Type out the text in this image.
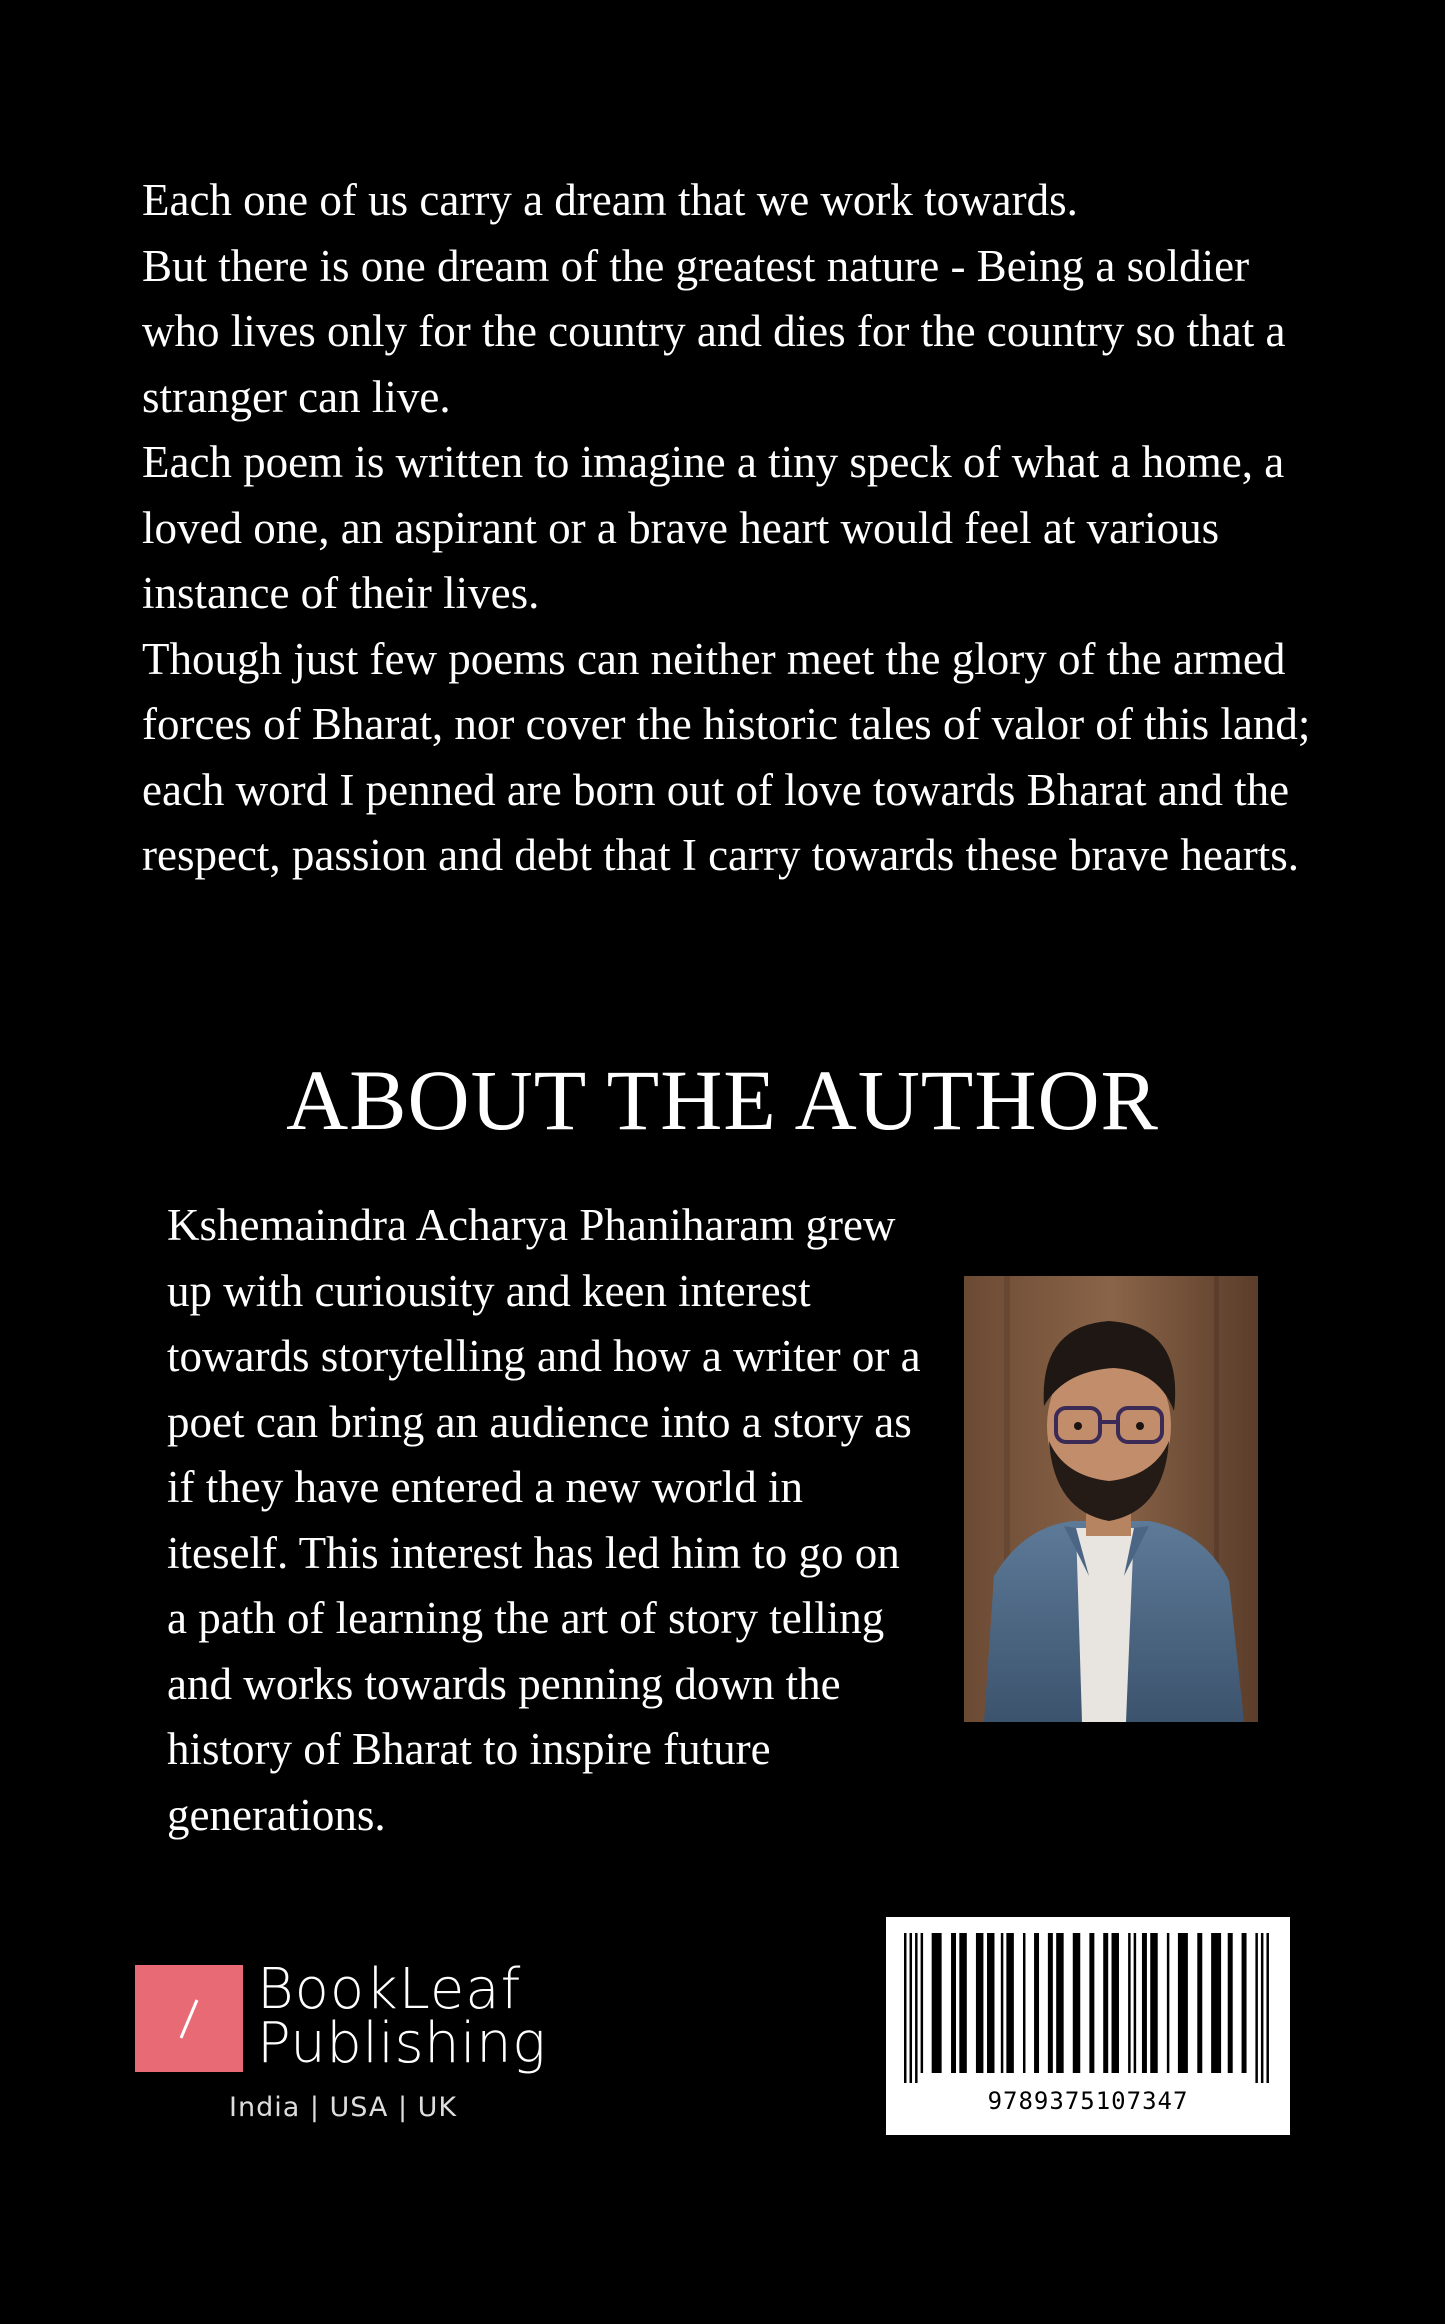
Each one of us carry a dream that we work towards.

But there is one dream of the greatest nature - Being a soldier who lives only for the country and dies for the country so that a stranger can live.

Each poem is written to imagine a tiny speck of what a home, a loved one, an aspirant or a brave heart would feel at various instance of their lives.

Though just few poems can neither meet the glory of the armed forces of Bharat, nor cover the historic tales of valor of this land; each word I penned are born out of love towards Bharat and the respect, passion and debt that I carry towards these brave hearts.

ABOUT THE AUTHOR

Kshemaindra Acharya Phaniharam grew up with curiousity and keen interest towards storytelling and how a writer or a poet can bring an audience into a story as if they have entered a new world in iteself. This interest has led him to go on a path of learning the art of story telling and works towards penning down the history of Bharat to inspire future generations.

BookLeaf
Publishing
India | USA | UK	9789375107347
